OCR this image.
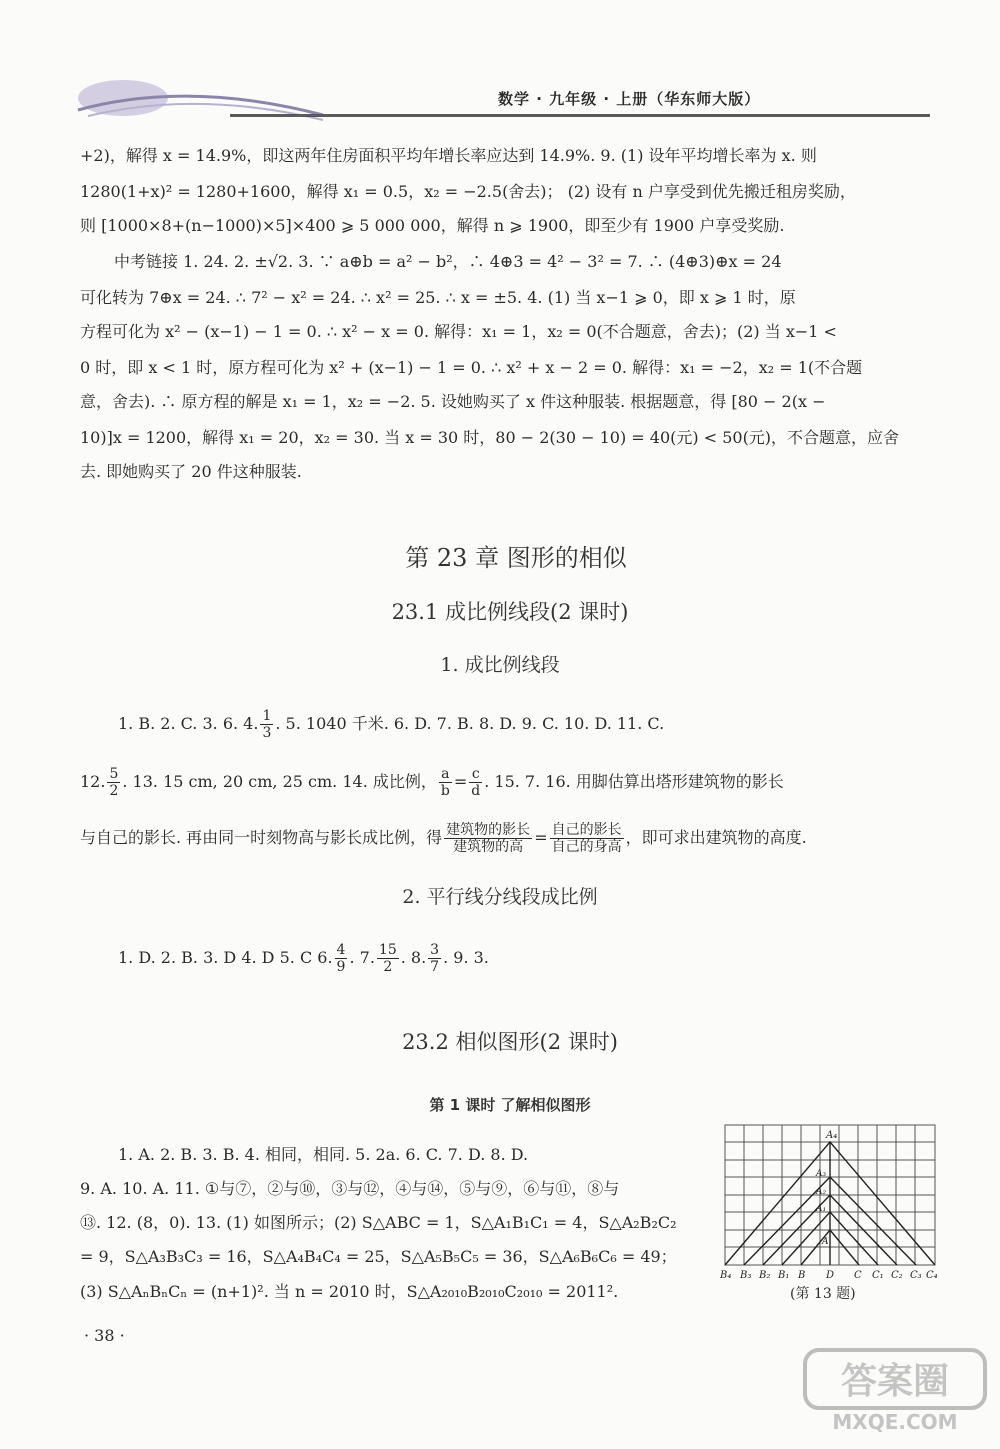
数学 · 九年级 · 上册（华东师大版）
+2)，解得 x = 14.9%，即这两年住房面积平均年增长率应达到 14.9%. 9. (1) 设年平均增长率为 x. 则
1280(1+x)² = 1280+1600，解得 x₁ = 0.5，x₂ = −2.5(舍去)； (2) 设有 n 户享受到优先搬迁租房奖励，
则 [1000×8+(n−1000)×5]×400 ⩾ 5 000 000，解得 n ⩾ 1900，即至少有 1900 户享受奖励.
中考链接 1. 24. 2. ±√2. 3. ∵ a⊕b = a² − b²，∴ 4⊕3 = 4² − 3² = 7. ∴ (4⊕3)⊕x = 24
可化转为 7⊕x = 24. ∴ 7² − x² = 24. ∴ x² = 25. ∴ x = ±5. 4. (1) 当 x−1 ⩾ 0，即 x ⩾ 1 时，原
方程可化为 x² − (x−1) − 1 = 0. ∴ x² − x = 0. 解得：x₁ = 1，x₂ = 0(不合题意，舍去)；(2) 当 x−1 <
0 时，即 x < 1 时，原方程可化为 x² + (x−1) − 1 = 0. ∴ x² + x − 2 = 0. 解得：x₁ = −2，x₂ = 1(不合题
意，舍去). ∴ 原方程的解是 x₁ = 1，x₂ = −2. 5. 设她购买了 x 件这种服装. 根据题意，得 [80 − 2(x −
10)]x = 1200，解得 x₁ = 20，x₂ = 30. 当 x = 30 时，80 − 2(30 − 10) = 40(元) < 50(元)，不合题意，应舍
去. 即她购买了 20 件这种服装.
第 23 章 图形的相似
23.1 成比例线段(2 课时)
1. 成比例线段
1. B. 2. C. 3. 6. 4. $\frac{1}{3}$ . 5. 1040 千米. 6. D. 7. B. 8. D. 9. C. 10. D. 11. C.
12. $\frac{5}{2}$ . 13. 15 cm, 20 cm, 25 cm. 14. 成比例， $\frac{a}{b} = \frac{c}{d}$ . 15. 7. 16. 用脚估算出塔形建筑物的影长
与自己的影长. 再由同一时刻物高与影长成比例，得 $\frac{\text{建筑物的影长}}{\text{建筑物的高}} = \frac{\text{自己的影长}}{\text{自己的身高}}$ ，即可求出建筑物的高度.
2. 平行线分线段成比例
1. D. 2. B. 3. D 4. D 5. C 6. $\frac{4}{9}$ . 7. $\frac{15}{2}$ . 8. $\frac{3}{7}$ . 9. 3.
23.2 相似图形(2 课时)
第 1 课时 了解相似图形
1. A. 2. B. 3. B. 4. 相同，相同. 5. 2a. 6. C. 7. D. 8. D.
9. A. 10. A. 11. ①与⑦，②与⑩，③与⑫，④与⑭，⑤与⑨，⑥与⑪，⑧与
⑬. 12. (8，0). 13. (1) 如图所示；(2) S△ABC = 1，S△A₁B₁C₁ = 4，S△A₂B₂C₂
= 9，S△A₃B₃C₃ = 16，S△A₄B₄C₄ = 25，S△A₅B₅C₅ = 36，S△A₆B₆C₆ = 49；
(3) S△AₙBₙCₙ = (n+1)². 当 n = 2010 时，S△A₂₀₁₀B₂₀₁₀C₂₀₁₀ = 2011².
A₄
A₃
A₂
A₁
A
B₄ B₃ B₂ B₁ B D C C₁ C₂ C₃ C₄
(第 13 题)
· 38 ·
答案圈
MXQE.COM
